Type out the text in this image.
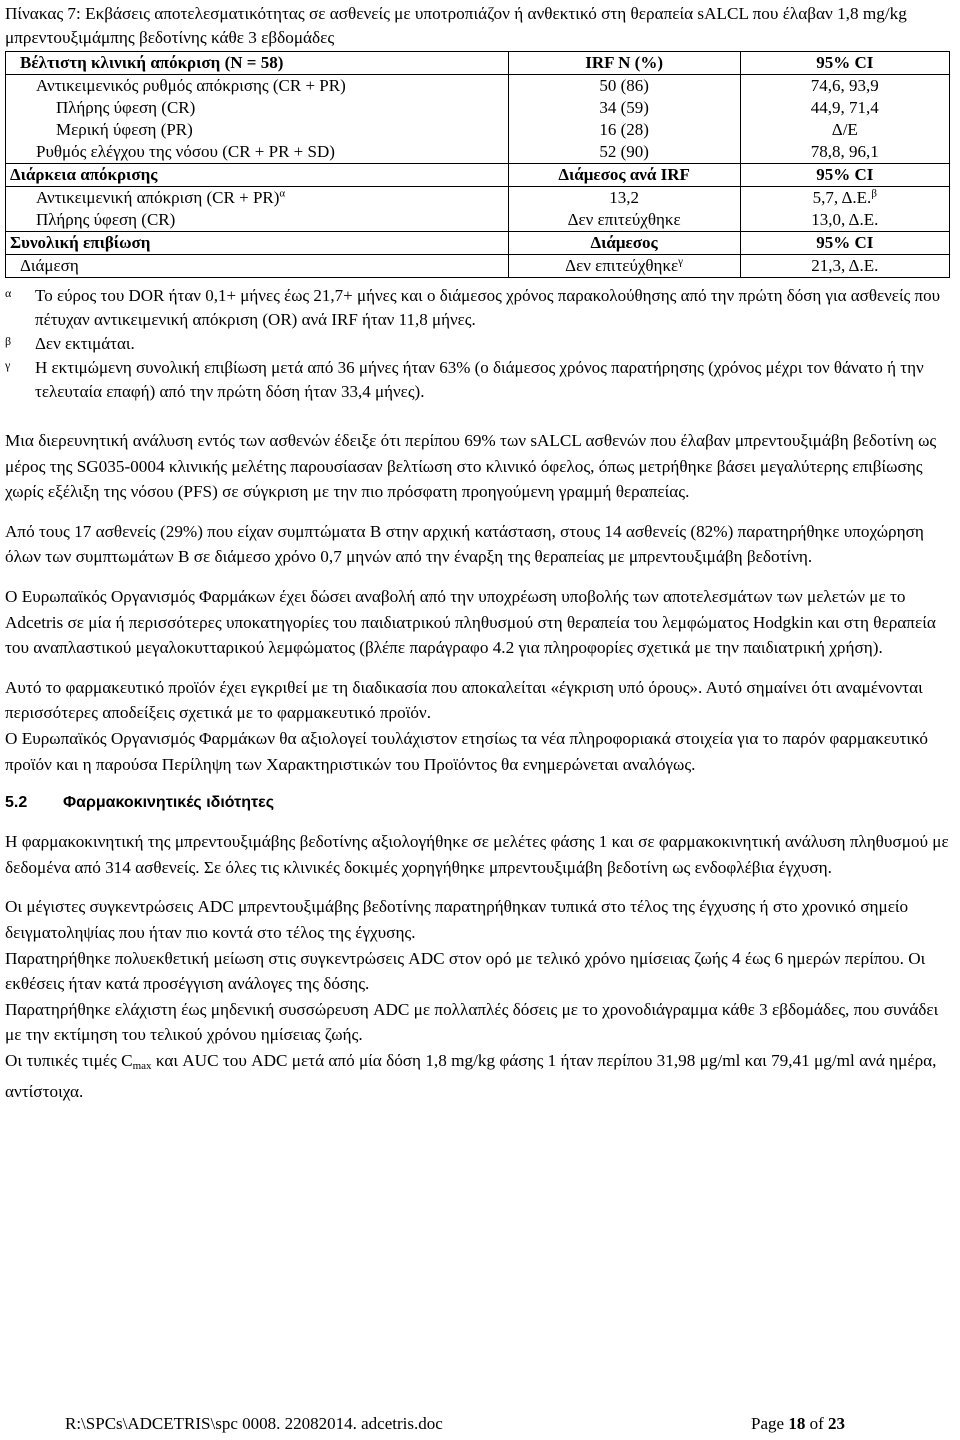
Πίνακας 7: Εκβάσεις αποτελεσματικότητας σε ασθενείς με υποτροπιάζον ή ανθεκτικό στη θεραπεία sALCL που έλαβαν 1,8 mg/kg μπρεντουξιμάμπης βεδοτίνης κάθε 3 εβδομάδες

Βέλτιστη κλινική απόκριση (N = 58)	IRF N (%)	95% CI
Αντικειμενικός ρυθμός απόκρισης (CR + PR)	50 (86)	74,6, 93,9
Πλήρης ύφεση (CR)	34 (59)	44,9, 71,4
Μερική ύφεση (PR)	16 (28)	Δ/Ε
Ρυθμός ελέγχου της νόσου (CR + PR + SD)	52 (90)	78,8, 96,1
Διάρκεια απόκρισης	Διάμεσος ανά IRF	95% CI
Αντικειμενική απόκριση (CR + PR)$^\alpha$	13,2	5,7, Δ.Ε.$^\beta$
Πλήρης ύφεση (CR)	Δεν επιτεύχθηκε	13,0, Δ.Ε.
Συνολική επιβίωση	Διάμεσος	95% CI
Διάμεση	Δεν επιτεύχθηκε$^\gamma$	21,3, Δ.Ε.
α Το εύρος του DOR ήταν 0,1+ μήνες έως 21,7+ μήνες και ο διάμεσος χρόνος παρακολούθησης από την πρώτη δόση για ασθενείς που πέτυχαν αντικειμενική απόκριση (OR) ανά IRF ήταν 11,8 μήνες.
β Δεν εκτιμάται.
γ Η εκτιμώμενη συνολική επιβίωση μετά από 36 μήνες ήταν 63% (ο διάμεσος χρόνος παρατήρησης (χρόνος μέχρι τον θάνατο ή την τελευταία επαφή) από την πρώτη δόση ήταν 33,4 μήνες).

Μια διερευνητική ανάλυση εντός των ασθενών έδειξε ότι περίπου 69% των sALCL ασθενών που έλαβαν μπρεντουξιμάβη βεδοτίνη ως μέρος της SG035-0004 κλινικής μελέτης παρουσίασαν βελτίωση στο κλινικό όφελος, όπως μετρήθηκε βάσει μεγαλύτερης επιβίωσης χωρίς εξέλιξη της νόσου (PFS) σε σύγκριση με την πιο πρόσφατη προηγούμενη γραμμή θεραπείας.

Από τους 17 ασθενείς (29%) που είχαν συμπτώματα Β στην αρχική κατάσταση, στους 14 ασθενείς (82%) παρατηρήθηκε υποχώρηση όλων των συμπτωμάτων Β σε διάμεσο χρόνο 0,7 μηνών από την έναρξη της θεραπείας με μπρεντουξιμάβη βεδοτίνη.

Ο Ευρωπαϊκός Οργανισμός Φαρμάκων έχει δώσει αναβολή από την υποχρέωση υποβολής των αποτελεσμάτων των μελετών με το Adcetris σε μία ή περισσότερες υποκατηγορίες του παιδιατρικού πληθυσμού στη θεραπεία του λεμφώματος Hodgkin και στη θεραπεία του αναπλαστικού μεγαλοκυτταρικού λεμφώματος (βλέπε παράγραφο 4.2 για πληροφορίες σχετικά με την παιδιατρική χρήση).

Αυτό το φαρμακευτικό προϊόν έχει εγκριθεί με τη διαδικασία που αποκαλείται «έγκριση υπό όρους». Αυτό σημαίνει ότι αναμένονται περισσότερες αποδείξεις σχετικά με το φαρμακευτικό προϊόν.

Ο Ευρωπαϊκός Οργανισμός Φαρμάκων θα αξιολογεί τουλάχιστον ετησίως τα νέα πληροφοριακά στοιχεία για το παρόν φαρμακευτικό προϊόν και η παρούσα Περίληψη των Χαρακτηριστικών του Προϊόντος θα ενημερώνεται αναλόγως.

5.2 Φαρμακοκινητικές ιδιότητες

Η φαρμακοκινητική της μπρεντουξιμάβης βεδοτίνης αξιολογήθηκε σε μελέτες φάσης 1 και σε φαρμακοκινητική ανάλυση πληθυσμού με δεδομένα από 314 ασθενείς. Σε όλες τις κλινικές δοκιμές χορηγήθηκε μπρεντουξιμάβη βεδοτίνη ως ενδοφλέβια έγχυση.

Οι μέγιστες συγκεντρώσεις ADC μπρεντουξιμάβης βεδοτίνης παρατηρήθηκαν τυπικά στο τέλος της έγχυσης ή στο χρονικό σημείο δειγματοληψίας που ήταν πιο κοντά στο τέλος της έγχυσης.

Παρατηρήθηκε πολυεκθετική μείωση στις συγκεντρώσεις ADC στον ορό με τελικό χρόνο ημίσειας ζωής 4 έως 6 ημερών περίπου. Οι εκθέσεις ήταν κατά προσέγγιση ανάλογες της δόσης.

Παρατηρήθηκε ελάχιστη έως μηδενική συσσώρευση ADC με πολλαπλές δόσεις με το χρονοδιάγραμμα κάθε 3 εβδομάδες, που συνάδει με την εκτίμηση του τελικού χρόνου ημίσειας ζωής.

Οι τυπικές τιμές $C_{max}$ και AUC του ADC μετά από μία δόση 1,8 mg/kg φάσης 1 ήταν περίπου 31,98 μg/ml και 79,41 μg/ml ανά ημέρα, αντίστοιχα.

R:\SPCs\ADCETRIS\spc 0008. 22082014. adcetris.doc	Page 18 of 23
